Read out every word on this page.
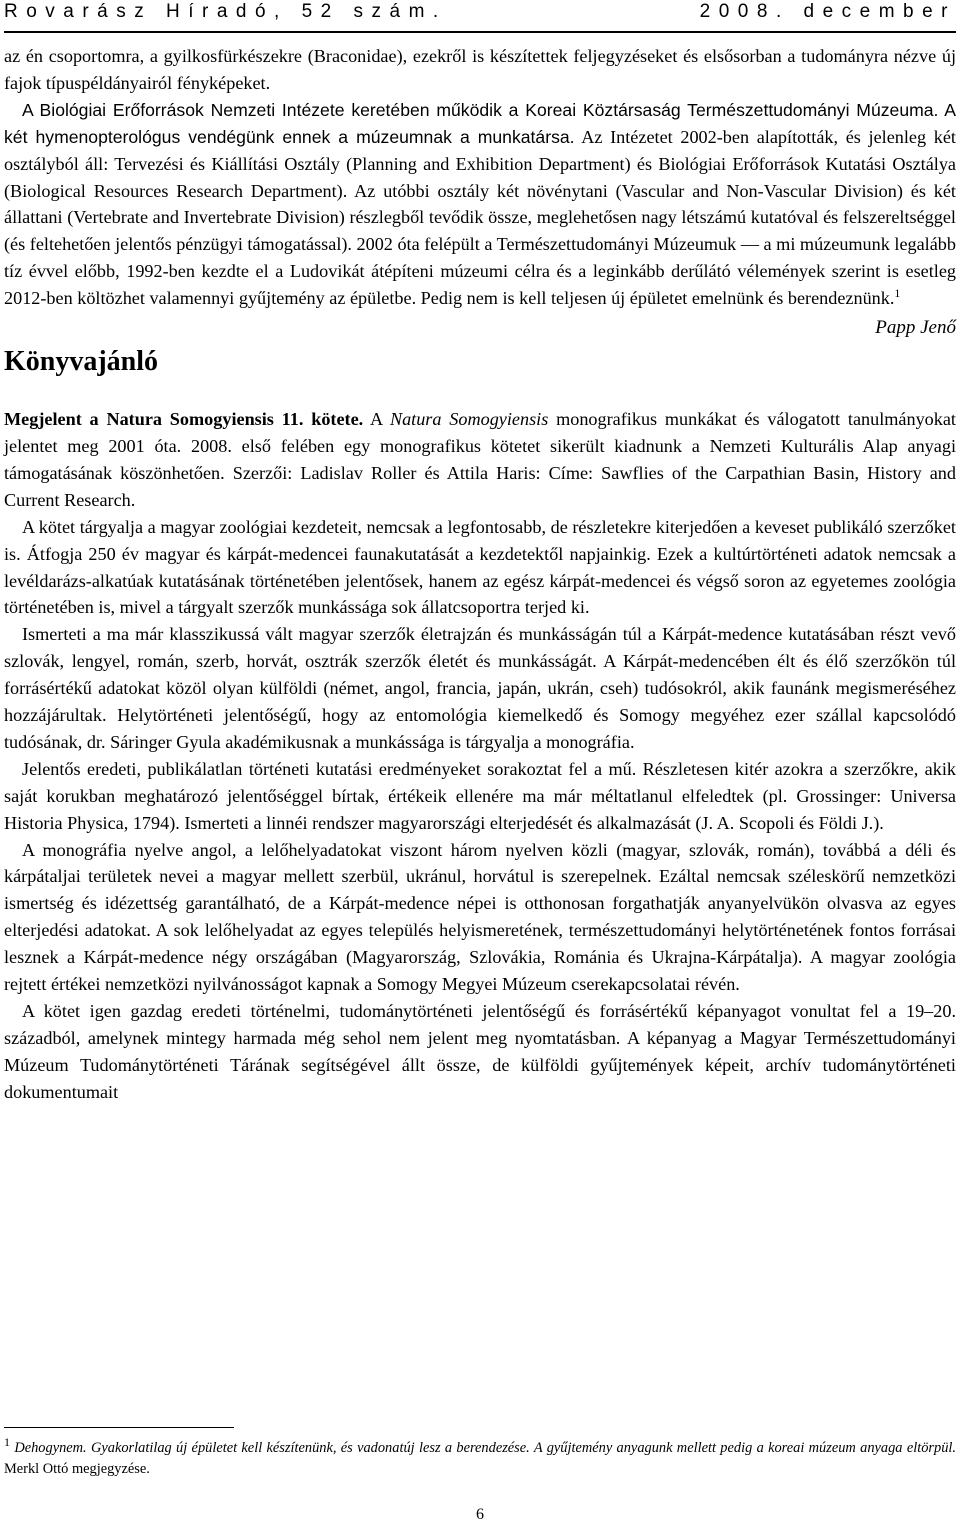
Rovarász Híradó, 52 szám.	2008. december

az én csoportomra, a gyilkosfürkészekre (Braconidae), ezekről is készítettek feljegyzéseket és elsősorban a tudományra nézve új fajok típuspéldányairól fényképeket.

A Biológiai Erőforrások Nemzeti Intézete keretében működik a Koreai Köztársaság Természettudományi Múzeuma. A két hymenopterológus vendégünk ennek a múzeumnak a munkatársa. Az Intézetet 2002-ben alapították, és jelenleg két osztályból áll: Tervezési és Kiállítási Osztály (Planning and Exhibition Department) és Biológiai Erőforrások Kutatási Osztálya (Biological Resources Research Department). Az utóbbi osztály két növénytani (Vascular and Non-Vascular Division) és két állattani (Vertebrate and Invertebrate Division) részlegből tevődik össze, meglehetősen nagy létszámú kutatóval és felszereltséggel (és feltehetően jelentős pénzügyi támogatással). 2002 óta felépült a Természettudományi Múzeumuk — a mi múzeumunk legalább tíz évvel előbb, 1992-ben kezdte el a Ludovikát átépíteni múzeumi célra és a leginkább derűlátó vélemények szerint is esetleg 2012-ben költözhet valamennyi gyűjtemény az épületbe. Pedig nem is kell teljesen új épületet emelnünk és berendeznünk.$^1$

Papp Jenő
Könyvajánló

Megjelent a Natura Somogyiensis 11. kötete. A Natura Somogyiensis monografikus munkákat és válogatott tanulmányokat jelentet meg 2001 óta. 2008. első felében egy monografikus kötetet sikerült kiadnunk a Nemzeti Kulturális Alap anyagi támogatásának köszönhetően. Szerzői: Ladislav Roller és Attila Haris: Címe: Sawflies of the Carpathian Basin, History and Current Research.

A kötet tárgyalja a magyar zoológiai kezdeteit, nemcsak a legfontosabb, de részletekre kiterjedően a keveset publikáló szerzőket is. Átfogja 250 év magyar és kárpát-medencei faunakutatását a kezdetektől napjainkig. Ezek a kultúrtörténeti adatok nemcsak a levéldarázs-alkatúak kutatásának történetében jelentősek, hanem az egész kárpát-medencei és végső soron az egyetemes zoológia történetében is, mivel a tárgyalt szerzők munkássága sok állatcsoportra terjed ki.

Ismerteti a ma már klasszikussá vált magyar szerzők életrajzán és munkásságán túl a Kárpát-medence kutatásában részt vevő szlovák, lengyel, román, szerb, horvát, osztrák szerzők életét és munkásságát. A Kárpát-medencében élt és élő szerzőkön túl forrásértékű adatokat közöl olyan külföldi (német, angol, francia, japán, ukrán, cseh) tudósokról, akik faunánk megismeréséhez hozzájárultak. Helytörténeti jelentőségű, hogy az entomológia kiemelkedő és Somogy megyéhez ezer szállal kapcsolódó tudósának, dr. Sáringer Gyula akadémikusnak a munkássága is tárgyalja a monográfia.

Jelentős eredeti, publikálatlan történeti kutatási eredményeket sorakoztat fel a mű. Részletesen kitér azokra a szerzőkre, akik saját korukban meghatározó jelentőséggel bírtak, értékeik ellenére ma már méltatlanul elfeledtek (pl. Grossinger: Universa Historia Physica, 1794). Ismerteti a linnéi rendszer magyarországi elterjedését és alkalmazását (J. A. Scopoli és Földi J.).

A monográfia nyelve angol, a lelőhelyadatokat viszont három nyelven közli (magyar, szlovák, román), továbbá a déli és kárpátaljai területek nevei a magyar mellett szerbül, ukránul, horvátul is szerepelnek. Ezáltal nemcsak széleskörű nemzetközi ismertség és idézettség garantálható, de a Kárpát-medence népei is otthonosan forgathatják anyanyelvükön olvasva az egyes elterjedési adatokat. A sok lelőhelyadat az egyes település helyismeretének, természettudományi helytörténetének fontos forrásai lesznek a Kárpát-medence négy országában (Magyarország, Szlovákia, Románia és Ukrajna-Kárpátalja). A magyar zoológia rejtett értékei nemzetközi nyilvánosságot kapnak a Somogy Megyei Múzeum cserekapcsolatai révén.

A kötet igen gazdag eredeti történelmi, tudománytörténeti jelentőségű és forrásértékű képanyagot vonultat fel a 19–20. századból, amelynek mintegy harmada még sehol nem jelent meg nyomtatásban. A képanyag a Magyar Természettudományi Múzeum Tudománytörténeti Tárának segítségével állt össze, de külföldi gyűjtemények képeit, archív tudománytörténeti dokumentumait

$^1$ Dehogynem. Gyakorlatilag új épületet kell készítenünk, és vadonatúj lesz a berendezése. A gyűjtemény anyagunk mellett pedig a koreai múzeum anyaga eltörpül. Merkl Ottó megjegyzése.
6
